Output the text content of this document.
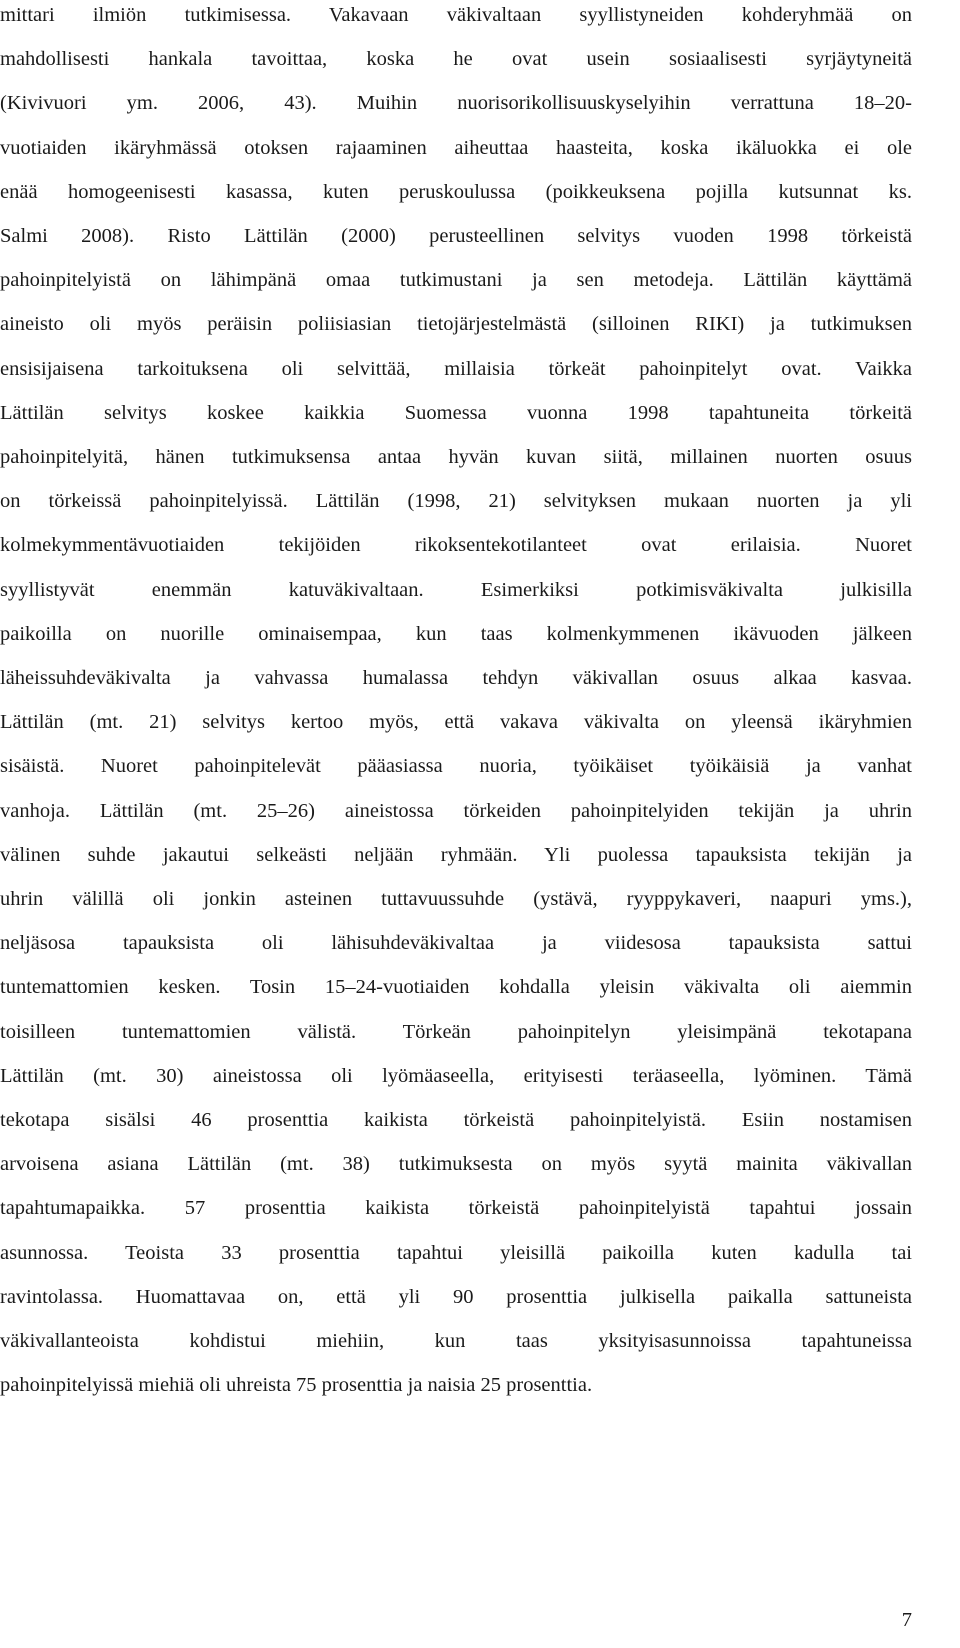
mittari ilmiön tutkimisessa. Vakavaan väkivaltaan syyllistyneiden kohderyhmää on
mahdollisesti hankala tavoittaa, koska he ovat usein sosiaalisesti syrjäytyneitä
(Kivivuori ym. 2006, 43). Muihin nuorisorikollisuuskyselyihin verrattuna 18–20-
vuotiaiden ikäryhmässä otoksen rajaaminen aiheuttaa haasteita, koska ikäluokka ei ole
enää homogeenisesti kasassa, kuten peruskoulussa (poikkeuksena pojilla kutsunnat ks.
Salmi 2008). Risto Lättilän (2000) perusteellinen selvitys vuoden 1998 törkeistä
pahoinpitelyistä on lähimpänä omaa tutkimustani ja sen metodeja. Lättilän käyttämä
aineisto oli myös peräisin poliisiasian tietojärjestelmästä (silloinen RIKI) ja tutkimuksen
ensisijaisena tarkoituksena oli selvittää, millaisia törkeät pahoinpitelyt ovat. Vaikka
Lättilän selvitys koskee kaikkia Suomessa vuonna 1998 tapahtuneita törkeitä
pahoinpitelyitä, hänen tutkimuksensa antaa hyvän kuvan siitä, millainen nuorten osuus
on törkeissä pahoinpitelyissä. Lättilän (1998, 21) selvityksen mukaan nuorten ja yli
kolmekymmentävuotiaiden tekijöiden rikoksentekotilanteet ovat erilaisia. Nuoret
syyllistyvät enemmän katuväkivaltaan. Esimerkiksi potkimisväkivalta julkisilla
paikoilla on nuorille ominaisempaa, kun taas kolmenkymmenen ikävuoden jälkeen
läheissuhdeväkivalta ja vahvassa humalassa tehdyn väkivallan osuus alkaa kasvaa.
Lättilän (mt. 21) selvitys kertoo myös, että vakava väkivalta on yleensä ikäryhmien
sisäistä. Nuoret pahoinpitelevät pääasiassa nuoria, työikäiset työikäisiä ja vanhat
vanhoja. Lättilän (mt. 25–26) aineistossa törkeiden pahoinpitelyiden tekijän ja uhrin
välinen suhde jakautui selkeästi neljään ryhmään. Yli puolessa tapauksista tekijän ja
uhrin välillä oli jonkin asteinen tuttavuussuhde (ystävä, ryyppykaveri, naapuri yms.),
neljäsosa tapauksista oli lähisuhdeväkivaltaa ja viidesosa tapauksista sattui
tuntemattomien kesken. Tosin 15–24-vuotiaiden kohdalla yleisin väkivalta oli aiemmin
toisilleen tuntemattomien välistä. Törkeän pahoinpitelyn yleisimpänä tekotapana
Lättilän (mt. 30) aineistossa oli lyömäaseella, erityisesti teräaseella, lyöminen. Tämä
tekotapa sisälsi 46 prosenttia kaikista törkeistä pahoinpitelyistä. Esiin nostamisen
arvoisena asiana Lättilän (mt. 38) tutkimuksesta on myös syytä mainita väkivallan
tapahtumapaikka. 57 prosenttia kaikista törkeistä pahoinpitelyistä tapahtui jossain
asunnossa. Teoista 33 prosenttia tapahtui yleisillä paikoilla kuten kadulla tai
ravintolassa. Huomattavaa on, että yli 90 prosenttia julkisella paikalla sattuneista
väkivallanteoista kohdistui miehiin, kun taas yksityisasunnoissa tapahtuneissa
pahoinpitelyissä miehiä oli uhreista 75 prosenttia ja naisia 25 prosenttia.
7
